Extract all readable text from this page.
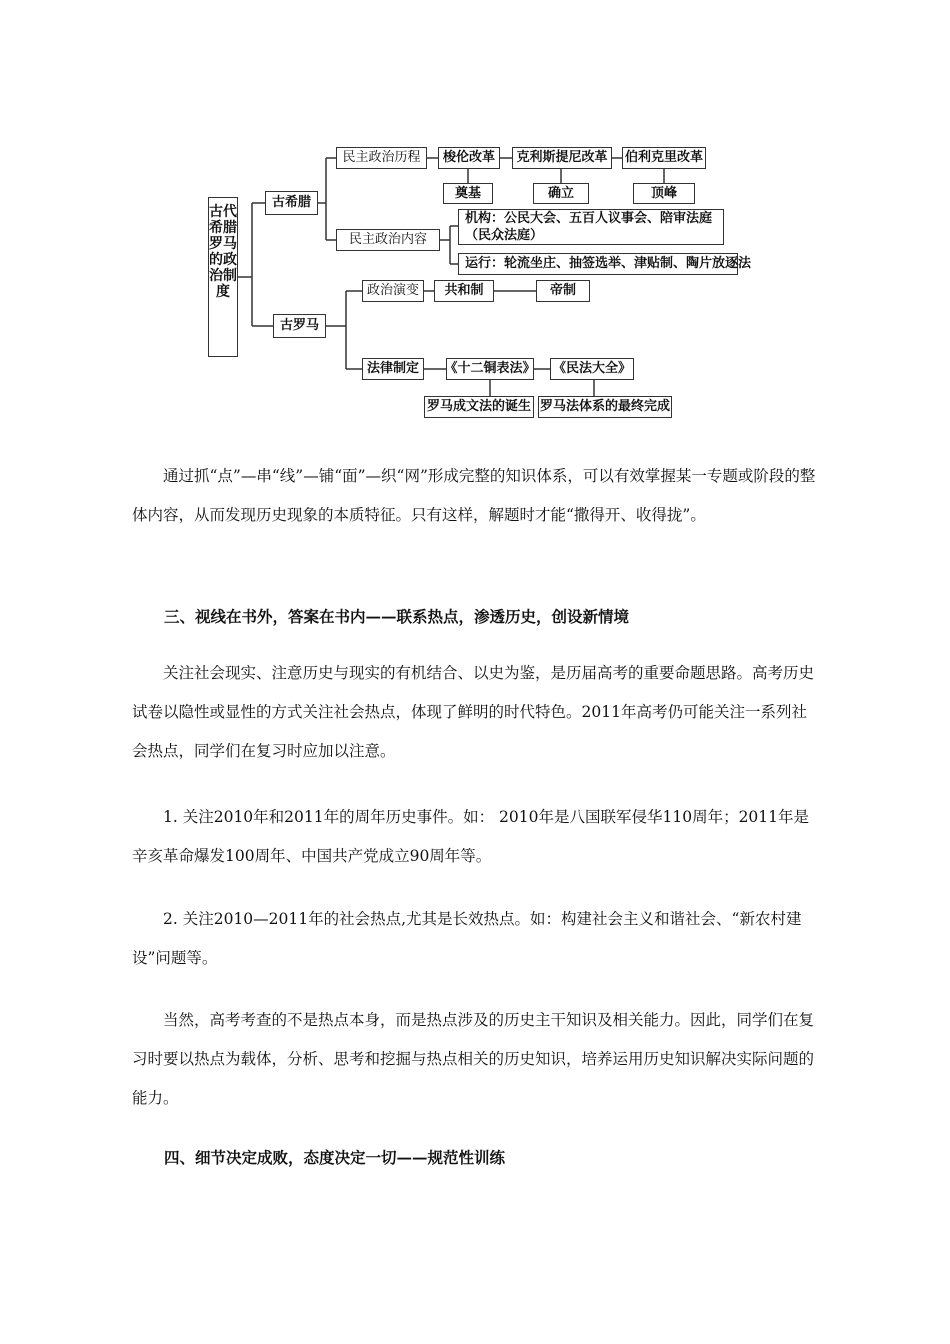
古代希腊罗马的政治制度
古希腊
古罗马
民主政治历程
民主政治内容
梭伦改革	克利斯提尼改革	伯利克里改革
奠基	确立	顶峰
机构：公民大会、五百人议事会、陪审法庭（民众法庭）
运行：轮流坐庄、抽签选举、津贴制、陶片放逐法
政治演变	共和制	帝制
法律制定	《十二铜表法》 《民法大全》
罗马成文法的诞生 罗马法体系的最终完成

通过抓“点”—串“线”—铺“面”—织“网”形成完整的知识体系，可以有效掌握某一专题或阶段的整体内容，从而发现历史现象的本质特征。只有这样，解题时才能“撒得开、收得拢”。

三、视线在书外，答案在书内——联系热点，渗透历史，创设新情境

关注社会现实、注意历史与现实的有机结合、以史为鉴，是历届高考的重要命题思路。高考历史试卷以隐性或显性的方式关注社会热点，体现了鲜明的时代特色。2011年高考仍可能关注一系列社会热点，同学们在复习时应加以注意。

1. 关注2010年和2011年的周年历史事件。如： 2010年是八国联军侵华110周年；2011年是辛亥革命爆发100周年、中国共产党成立90周年等。

2. 关注2010—2011年的社会热点,尤其是长效热点。如：构建社会主义和谐社会、“新农村建设”问题等。

当然，高考考查的不是热点本身，而是热点涉及的历史主干知识及相关能力。因此，同学们在复习时要以热点为载体，分析、思考和挖掘与热点相关的历史知识，培养运用历史知识解决实际问题的能力。

四、细节决定成败，态度决定一切——规范性训练
